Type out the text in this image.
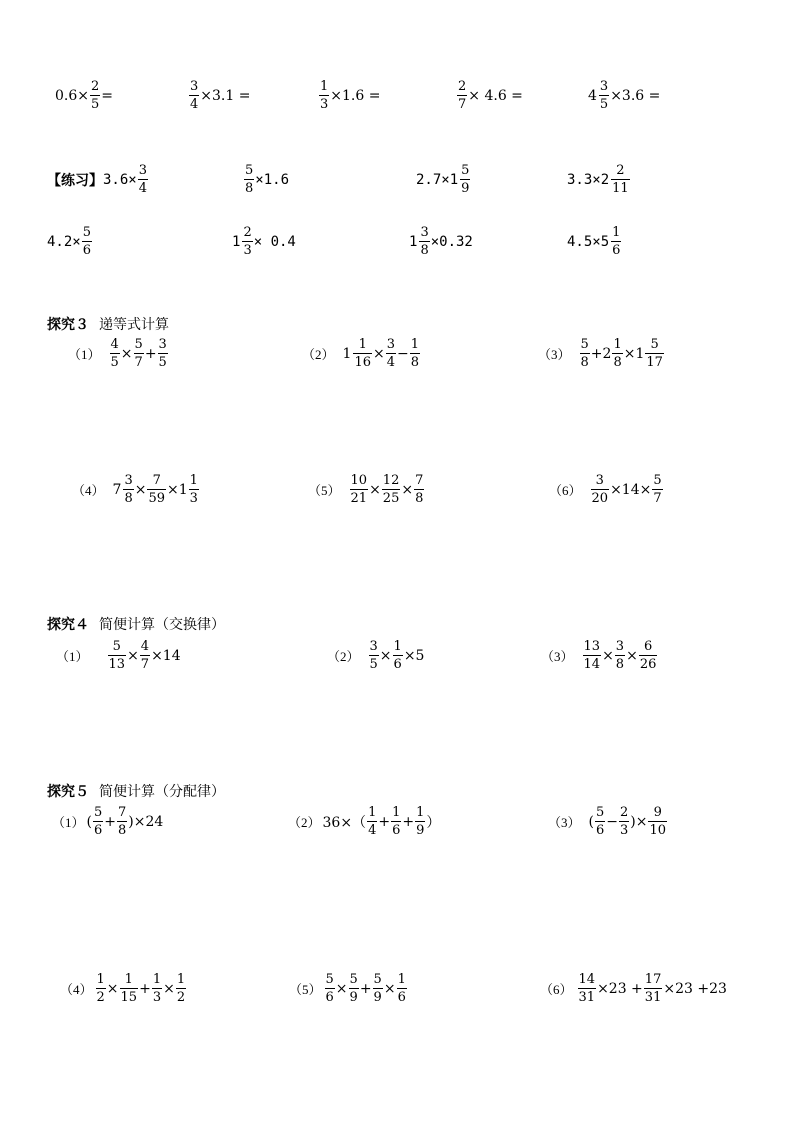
$0.6\times \frac{2}{5}$ =	$\frac{3}{4} \times 3.1$ =	$\frac{1}{3} \times 1.6$ =	$\frac{2}{7} \times 4.6$ =	$4 \frac{3}{5} \times 3.6$ =
【练习】 $3.6\times \frac{3}{4}$	$\frac{5}{8} \times 1.6$	$2.7\times 1 \frac{5}{9}$	$3.3\times 2 \frac{2}{11}$
$4.2\times \frac{5}{6}$	$1 \frac{2}{3} \times 0.4$	$1 \frac{3}{8} \times 0.32$	$4.5\times 5 \frac{1}{6}$
探究３ 递等式计算
$(1) \frac{4}{5} \times \frac{5}{7} + \frac{3}{5}$	（2） $1 \frac{1}{16} \times \frac{3}{4} - \frac{1}{8}$	$(3) \frac{5}{8} +2 \frac{1}{8} \times 1 \frac{5}{17}$
（4） $7 \frac{3}{8} \times \frac{7}{59} \times 1 \frac{1}{3}$	$(5) \frac{10}{21} \times \frac{12}{25} \times \frac{7}{8}$	$(6) \frac{3}{20} \times 14\times \frac{5}{7}$
探究４ 简便计算（交换律）
$(1) \frac{5}{13} \times \frac{4}{7} \times 14$	$(2) \frac{3}{5} \times \frac{1}{6} \times 5$	$(3) \frac{13}{14} \times \frac{3}{8} \times \frac{6}{26}$
探究５ 简便计算（分配律）
（1） ( $\frac{5}{6} + \frac{7}{8} )\times 24$	（2） $36\times( \frac{1}{4} + \frac{1}{6} + \frac{1}{9}$ ）	（3） ( $\frac{5}{6} - \frac{2}{3}$ )× $\frac{9}{10}$
$(4) \frac{1}{2} \times \frac{1}{15} + \frac{1}{3} \times \frac{1}{2}$	$(5) \frac{5}{6} \times \frac{5}{9} + \frac{5}{9} \times \frac{1}{6}$	$(6) \frac{14}{31} \times 23 + \frac{17}{31} \times 23 +23$
